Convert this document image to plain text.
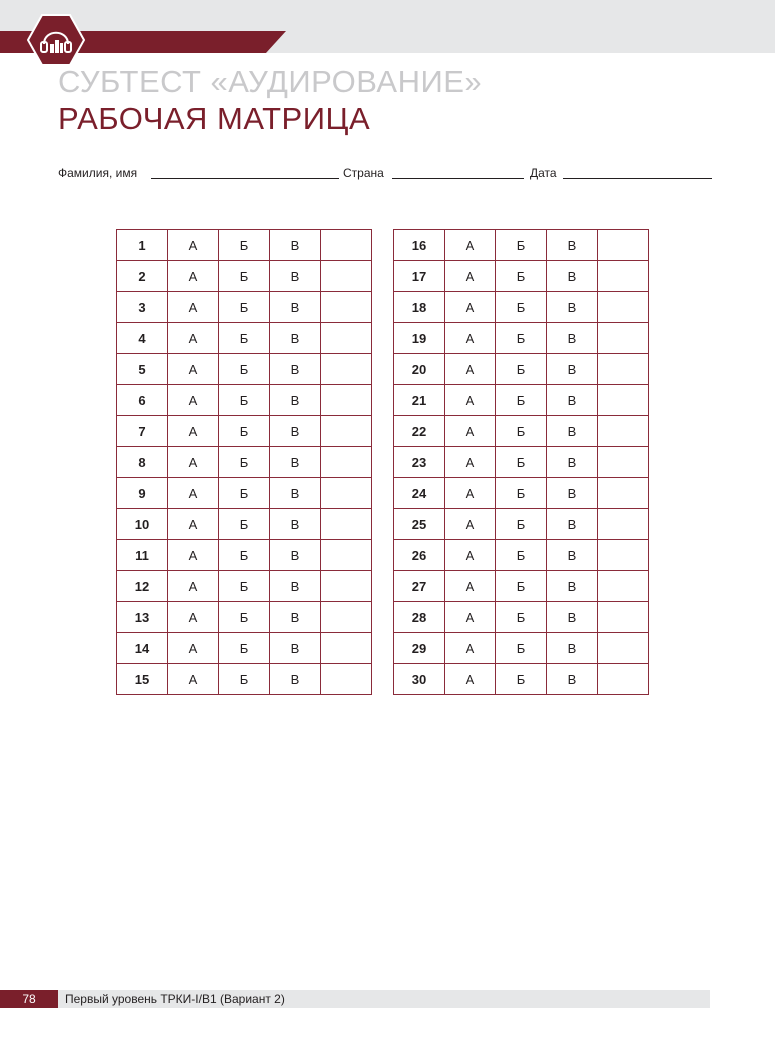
СУБТЕСТ «АУДИРОВАНИЕ»
РАБОЧАЯ МАТРИЦА
Фамилия, имя	Страна	Дата
1	А	Б	В	
2	А	Б	В	
3	А	Б	В	
4	А	Б	В	
5	А	Б	В	
6	А	Б	В	
7	А	Б	В	
8	А	Б	В	
9	А	Б	В	
10	А	Б	В	
11	А	Б	В	
12	А	Б	В	
13	А	Б	В	
14	А	Б	В	
15	А	Б	В	
16	А	Б	В	
17	А	Б	В	
18	А	Б	В	
19	А	Б	В	
20	А	Б	В	
21	А	Б	В	
22	А	Б	В	
23	А	Б	В	
24	А	Б	В	
25	А	Б	В	
26	А	Б	В	
27	А	Б	В	
28	А	Б	В	
29	А	Б	В	
30	А	Б	В	
78	Первый уровень ТРКИ-I/B1 (Вариант 2)
